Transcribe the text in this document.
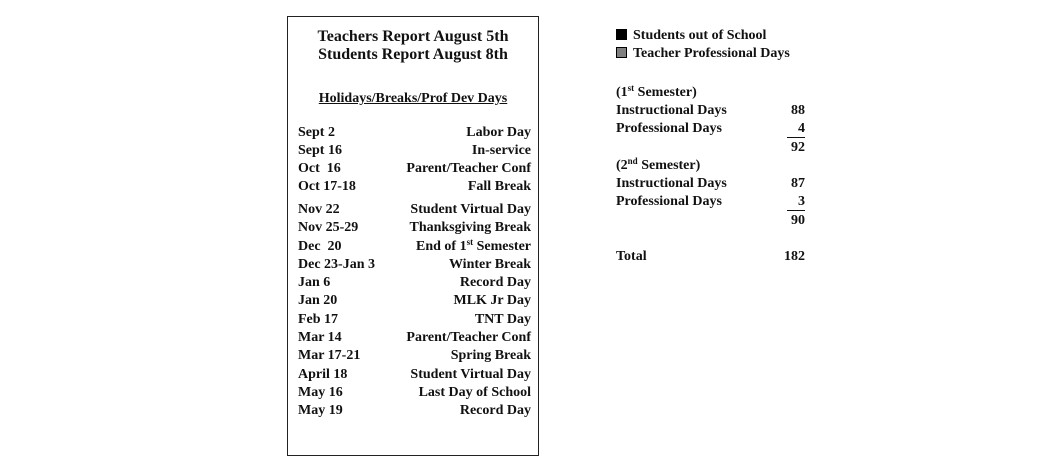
Teachers Report August 5th
Students Report August 8th
Holidays/Breaks/Prof Dev Days
Sept 2	Labor Day
Sept 16	In-service
Oct  16	Parent/Teacher Conf
Oct 17-18	Fall Break
Nov 22	Student Virtual Day
Nov 25-29	Thanksgiving Break
Dec  20	End of 1st Semester
Dec 23-Jan 3	Winter Break
Jan 6	Record Day
Jan 20	MLK Jr Day
Feb 17	TNT Day
Mar 14	Parent/Teacher Conf
Mar 17-21	Spring Break
April 18	Student Virtual Day
May 16	Last Day of School
May 19	Record Day
Students out of School
Teacher Professional Days
(1st Semester)
Instructional Days	88
Professional Days	4
92
(2nd Semester)
Instructional Days	87
Professional Days	3
90
Total	182
